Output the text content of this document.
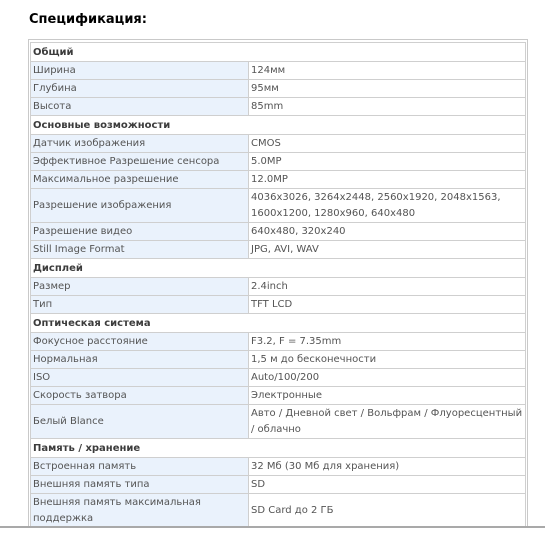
Спецификация:
Общий	
Ширина	124мм
Глубина	95мм
Высота	85mm
Основные возможности	
Датчик изображения	CMOS
Эффективное Разрешение сенсора	5.0MP
Максимальное разрешение	12.0MP
Разрешение изображения	4036x3026, 3264x2448, 2560x1920, 2048x1563, 1600x1200, 1280x960, 640x480
Разрешение видео	640x480, 320x240
Still Image Format	JPG, AVI, WAV
Дисплей	
Размер	2.4inch
Тип	TFT LCD
Оптическая система	
Фокусное расстояние	F3.2, F = 7.35mm
Нормальная	1,5 м до бесконечности
ISO	Auto/100/200
Скорость затвора	Электронные
Белый Blance	Авто / Дневной свет / Вольфрам / Флуоресцентный / облачно
Память / хранение	
Встроенная память	32 Мб (30 Мб для хранения)
Внешняя память типа	SD
Внешняя память максимальная поддержка	SD Card до 2 ГБ
